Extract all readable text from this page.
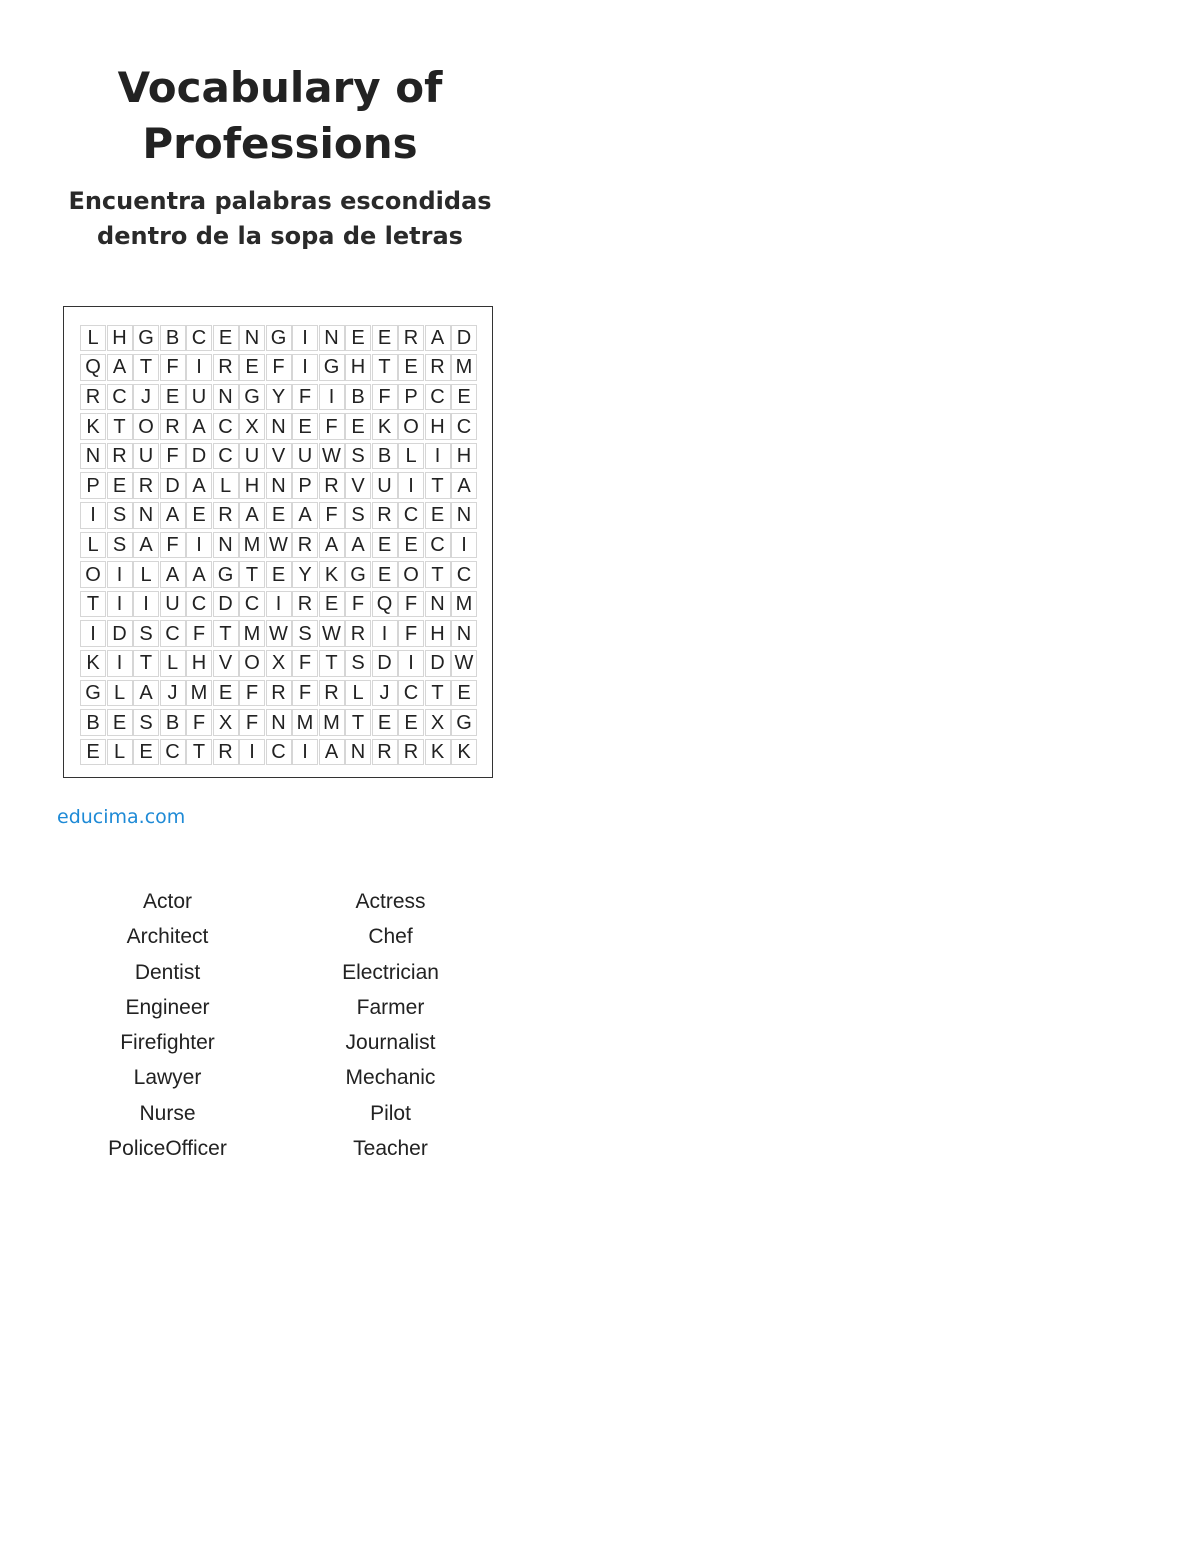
Vocabulary of Professions
Encuentra palabras escondidas dentro de la sopa de letras
L H G B C E N G I N E E R A D
Q A T F I R E F I G H T E R M
R C J E U N G Y F I B F P C E
K T O R A C X N E F E K O H C
N R U F D C U V U W S B L I H
P E R D A L H N P R V U I T A
I S N A E R A E A F S R C E N
L S A F I N M W R A A E E C I
O I L A A G T E Y K G E O T C
T I	I U C D C I R E F Q F N M
I D S C F T M W S W R I F H N
K I T L H V O X F T S D I D W
G L A J M E F R F R L J C T E
B E S B F X F N M M T E E X G
E L E C T R I C I A N R R K K
educima.com
Actor	Actress
Architect	Chef
Dentist	Electrician
Engineer	Farmer
Firefighter	Journalist
Lawyer	Mechanic
Nurse	Pilot
PoliceOfficer	Teacher
